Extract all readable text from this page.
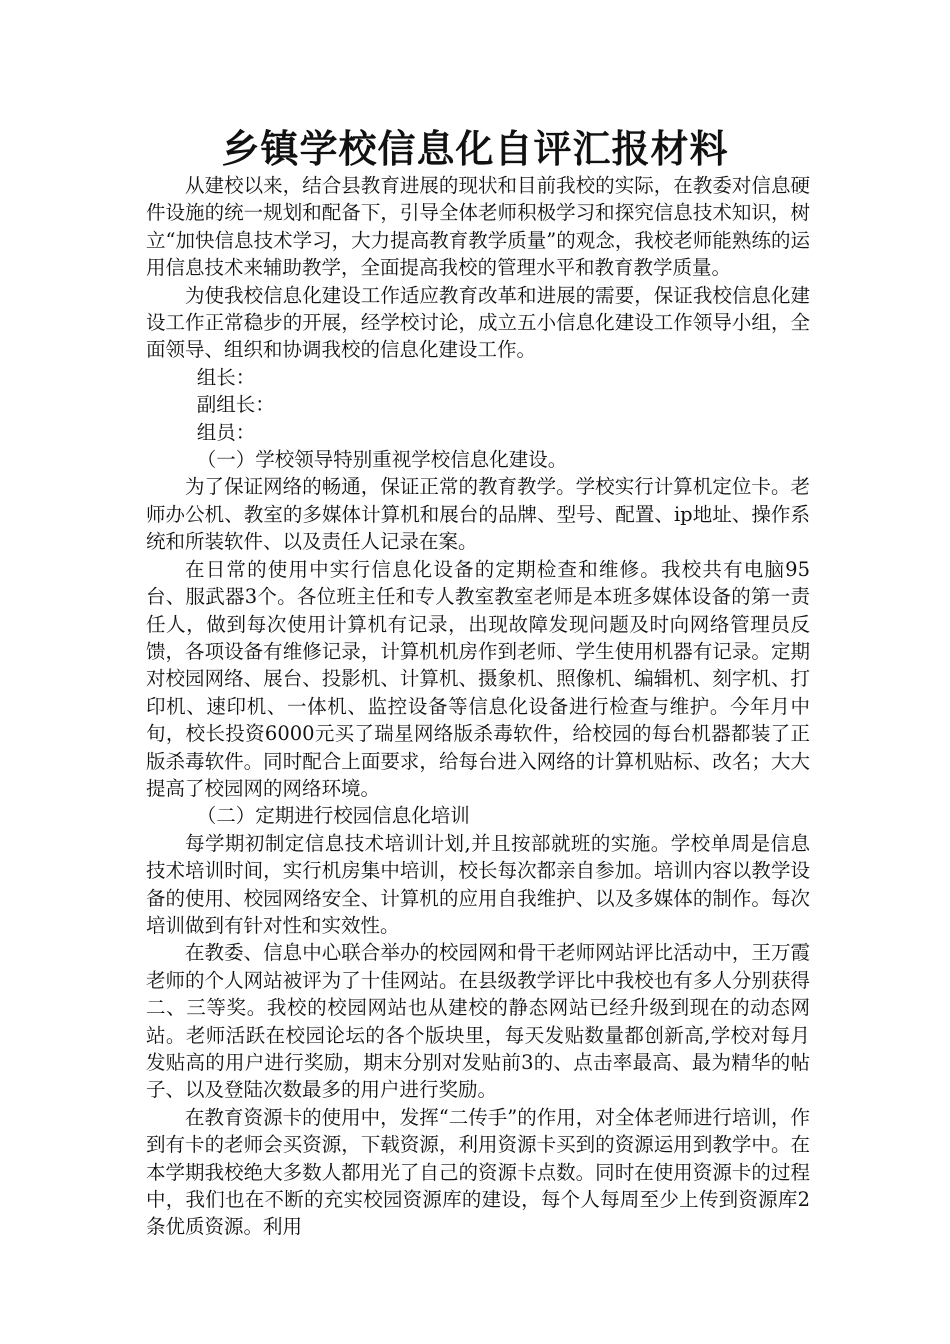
乡镇学校信息化自评汇报材料

从建校以来，结合县教育进展的现状和目前我校的实际，在教委对信息硬件设施的统一规划和配备下，引导全体老师积极学习和探究信息技术知识，树立“加快信息技术学习，大力提高教育教学质量”的观念，我校老师能熟练的运用信息技术来辅助教学，全面提高我校的管理水平和教育教学质量。

为使我校信息化建设工作适应教育改革和进展的需要，保证我校信息化建设工作正常稳步的开展，经学校讨论，成立五小信息化建设工作领导小组，全面领导、组织和协调我校的信息化建设工作。

组长：

副组长：

组员：

（一）学校领导特别重视学校信息化建设。

为了保证网络的畅通，保证正常的教育教学。学校实行计算机定位卡。老师办公机、教室的多媒体计算机和展台的品牌、型号、配置、ip地址、操作系统和所装软件、以及责任人记录在案。

在日常的使用中实行信息化设备的定期检查和维修。我校共有电脑95台、服武器3个。各位班主任和专人教室教室老师是本班多媒体设备的第一责任人，做到每次使用计算机有记录，出现故障发现问题及时向网络管理员反馈，各项设备有维修记录，计算机机房作到老师、学生使用机器有记录。定期对校园网络、展台、投影机、计算机、摄象机、照像机、编辑机、刻字机、打印机、速印机、一体机、监控设备等信息化设备进行检查与维护。今年月中旬，校长投资6000元买了瑞星网络版杀毒软件，给校园的每台机器都装了正版杀毒软件。同时配合上面要求，给每台进入网络的计算机贴标、改名；大大提高了校园网的网络环境。

（二）定期进行校园信息化培训

每学期初制定信息技术培训计划,并且按部就班的实施。学校单周是信息技术培训时间，实行机房集中培训，校长每次都亲自参加。培训内容以教学设备的使用、校园网络安全、计算机的应用自我维护、以及多媒体的制作。每次培训做到有针对性和实效性。

在教委、信息中心联合举办的校园网和骨干老师网站评比活动中，王万霞老师的个人网站被评为了十佳网站。在县级教学评比中我校也有多人分别获得二、三等奖。我校的校园网站也从建校的静态网站已经升级到现在的动态网站。老师活跃在校园论坛的各个版块里，每天发贴数量都创新高,学校对每月发贴高的用户进行奖励，期末分别对发贴前3的、点击率最高、最为精华的帖子、以及登陆次数最多的用户进行奖励。

在教育资源卡的使用中，发挥“二传手”的作用，对全体老师进行培训，作到有卡的老师会买资源，下载资源，利用资源卡买到的资源运用到教学中。在本学期我校绝大多数人都用光了自己的资源卡点数。同时在使用资源卡的过程中，我们也在不断的充实校园资源库的建设，每个人每周至少上传到资源库2条优质资源。利用
